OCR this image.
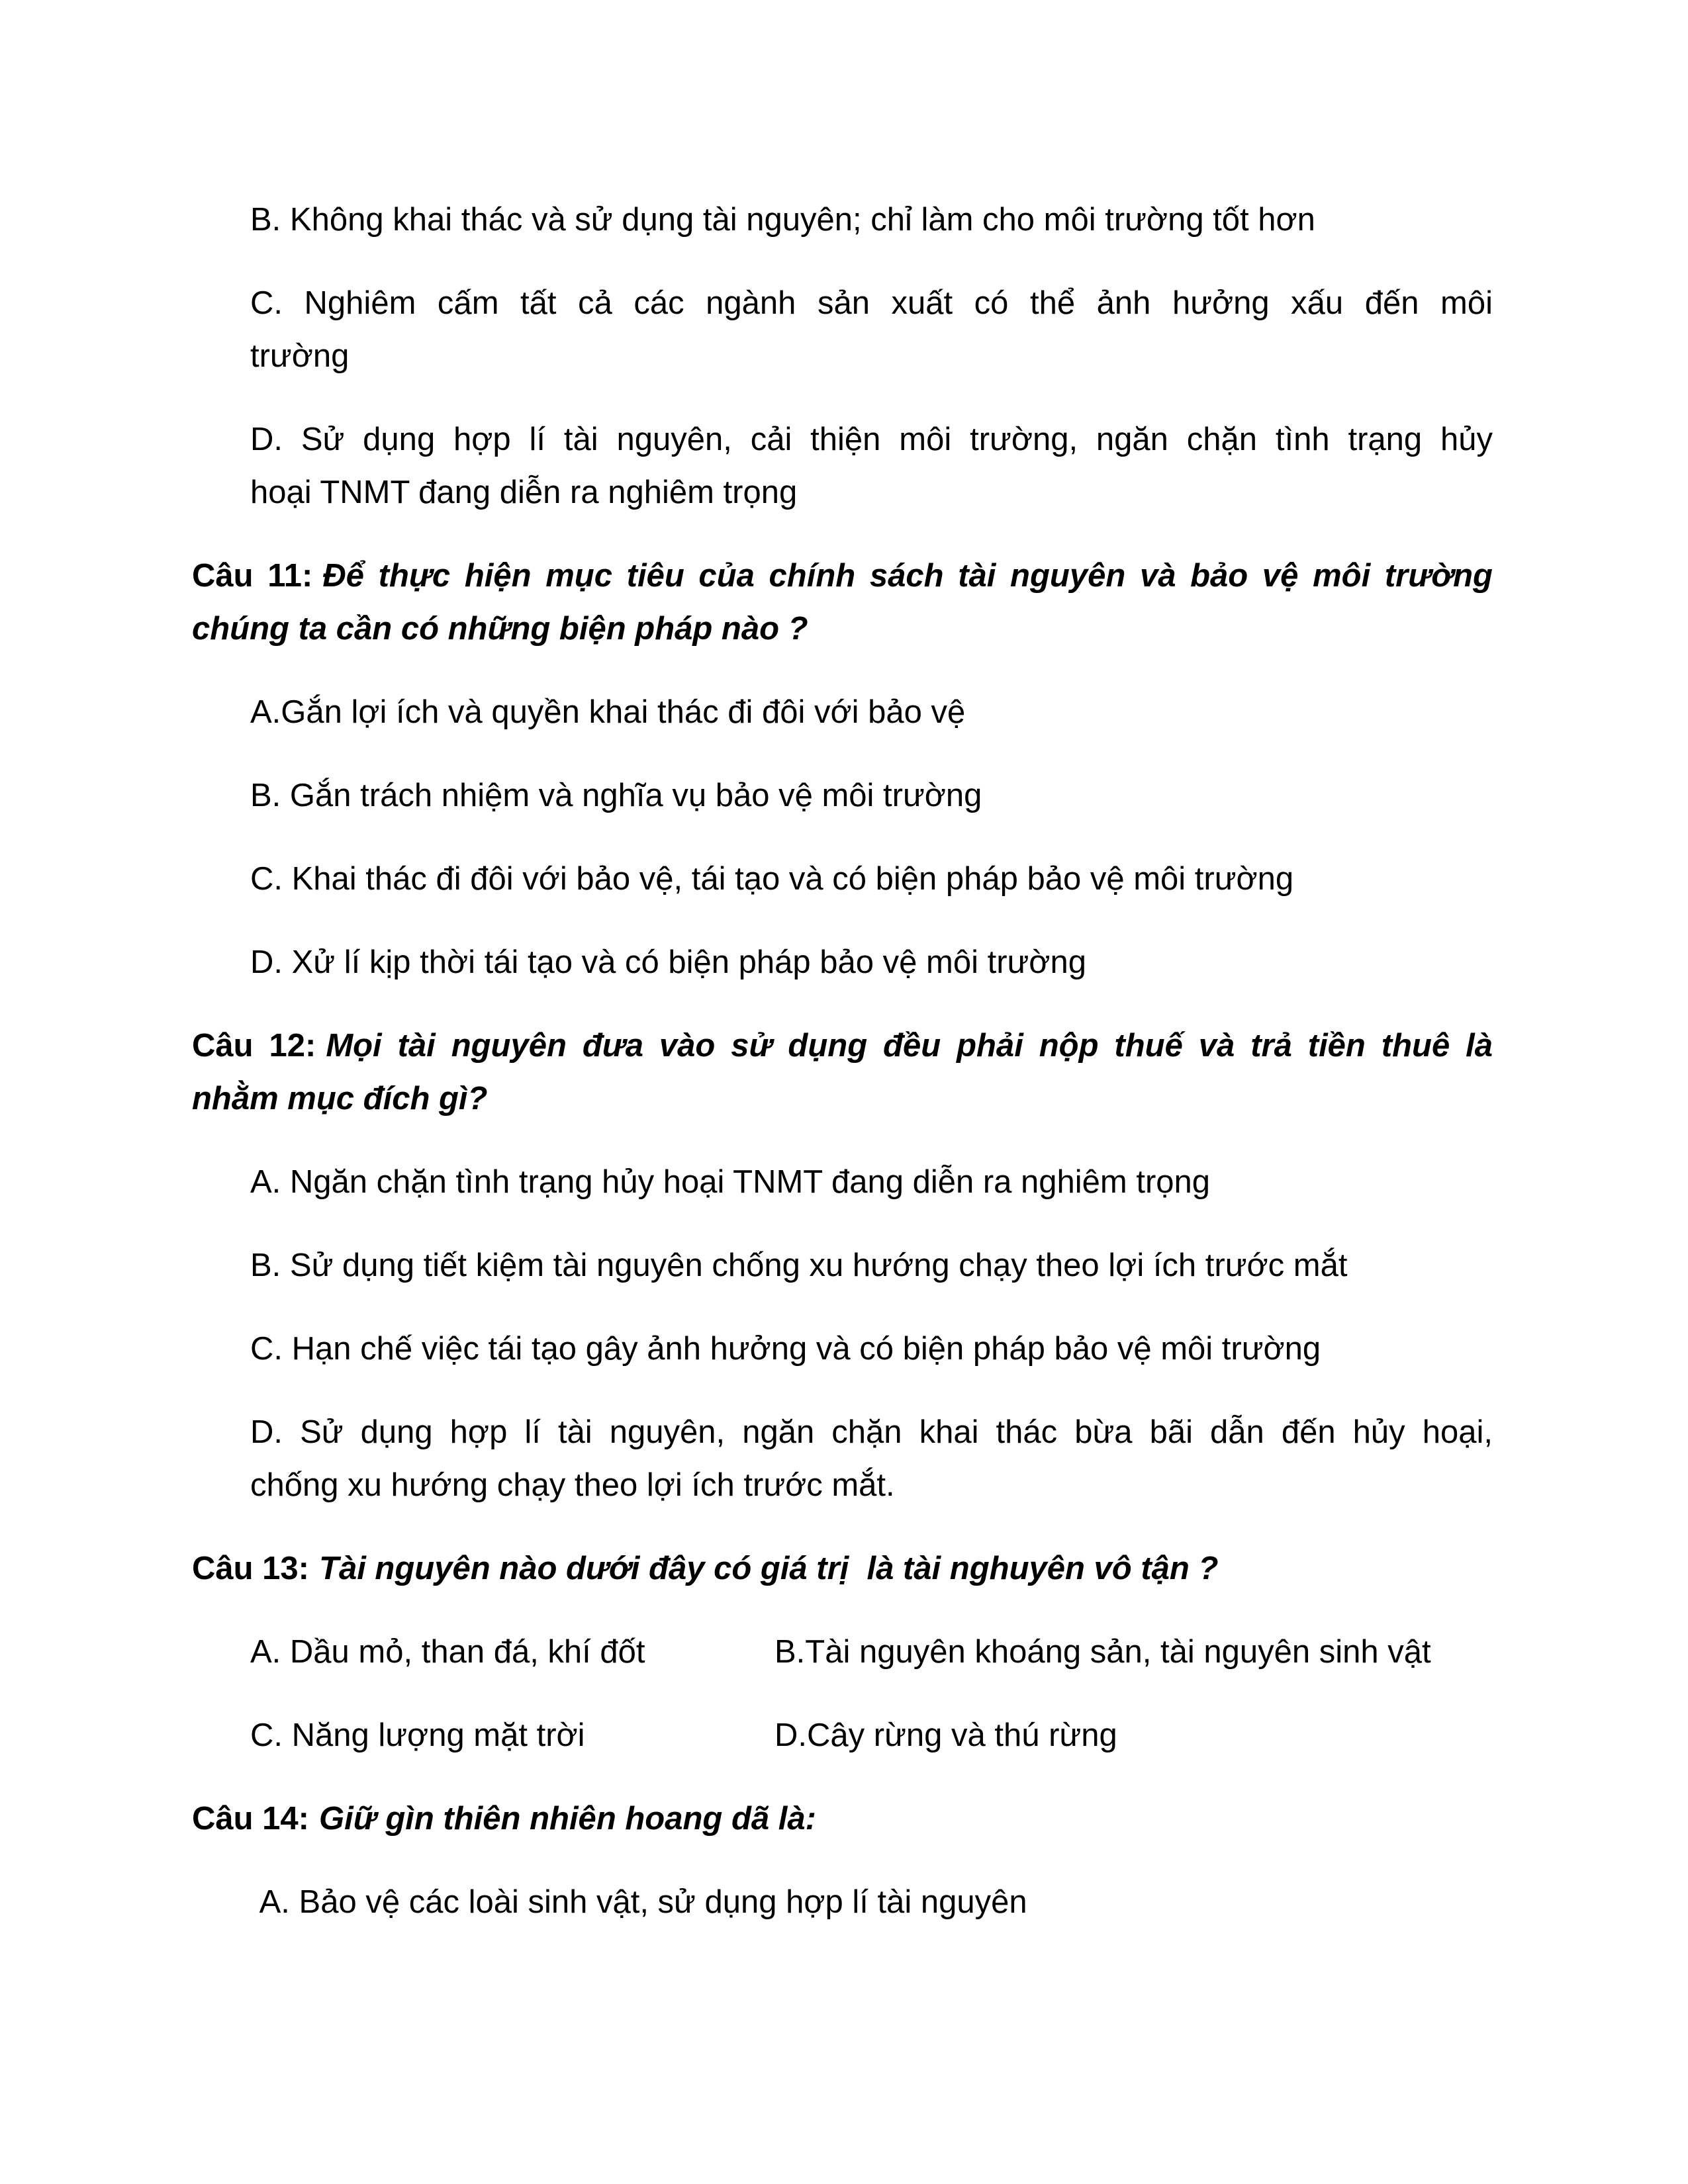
B. Không khai thác và sử dụng tài nguyên; chỉ làm cho môi trường tốt hơn
C. Nghiêm cấm tất cả các ngành sản xuất có thể ảnh hưởng xấu đến môi
trường
D. Sử dụng hợp lí tài nguyên, cải thiện môi trường, ngăn chặn tình trạng hủy
hoại TNMT đang diễn ra nghiêm trọng
Câu 11: Để thực hiện mục tiêu của chính sách tài nguyên và bảo vệ môi trường
chúng ta cần có những biện pháp nào ?
A.Gắn lợi ích và quyền khai thác đi đôi với bảo vệ
B. Gắn trách nhiệm và nghĩa vụ bảo vệ môi trường
C. Khai thác đi đôi với bảo vệ, tái tạo và có biện pháp bảo vệ môi trường
D. Xử lí kịp thời tái tạo và có biện pháp bảo vệ môi trường
Câu 12: Mọi tài nguyên đưa vào sử dụng đều phải nộp thuế và trả tiền thuê là
nhằm mục đích gì?
A. Ngăn chặn tình trạng hủy hoại TNMT đang diễn ra nghiêm trọng
B. Sử dụng tiết kiệm tài nguyên chống xu hướng chạy theo lợi ích trước mắt
C. Hạn chế việc tái tạo gây ảnh hưởng và có biện pháp bảo vệ môi trường
D. Sử dụng hợp lí tài nguyên, ngăn chặn khai thác bừa bãi dẫn đến hủy hoại,
chống xu hướng chạy theo lợi ích trước mắt.
Câu 13: Tài nguyên nào dưới đây có giá trị  là tài nghuyên vô tận ?
A. Dầu mỏ, than đá, khí đốt	B.Tài nguyên khoáng sản, tài nguyên sinh vật
C. Năng lượng mặt trời	D.Cây rừng và thú rừng
Câu 14: Giữ gìn thiên nhiên hoang dã là:
A. Bảo vệ các loài sinh vật, sử dụng hợp lí tài nguyên
